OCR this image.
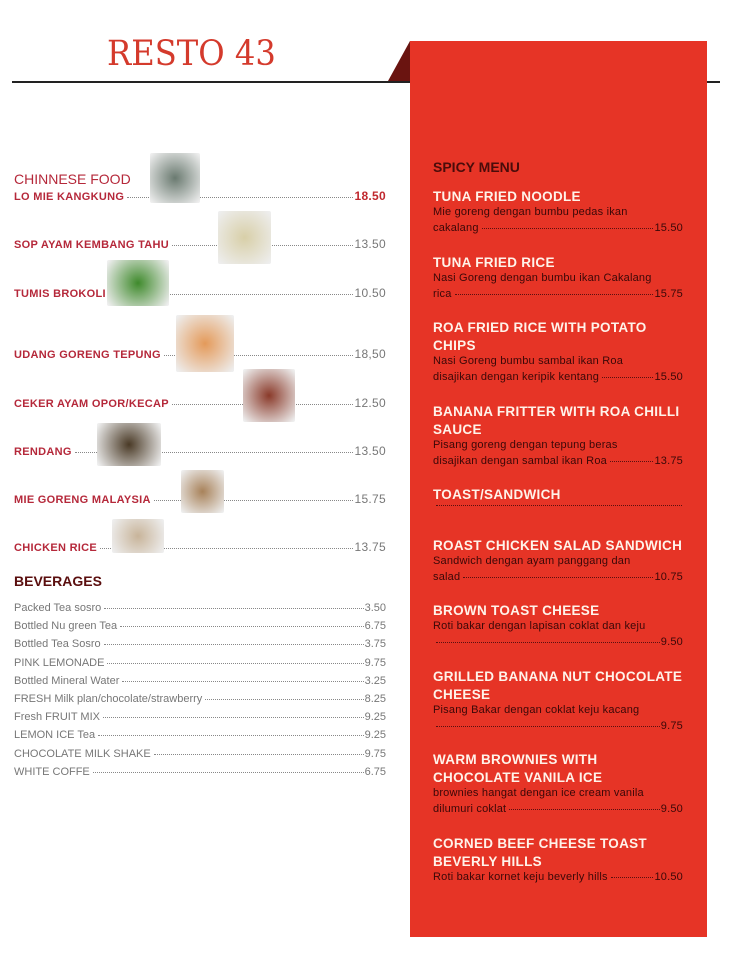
RESTO 43
CHINNESE FOOD
BEVERAGES
SPICY MENU
TOAST/SANDWICH
LO MIE KANGKUNG	18.50
SOP AYAM KEMBANG TAHU	13.50
TUMIS BROKOLI	10.50
UDANG GORENG TEPUNG	18,50
CEKER AYAM OPOR/KECAP	12.50
RENDANG	13.50
MIE GORENG MALAYSIA	15.75
CHICKEN RICE	13.75
Packed Tea sosro	3.50
Bottled Nu green Tea	6.75
Bottled Tea Sosro	3.75
PINK LEMONADE	9.75
Bottled Mineral Water	3.25
FRESH Milk plan/chocolate/strawberry	8.25
Fresh FRUIT MIX	9.25
LEMON ICE Tea	9.25
CHOCOLATE MILK SHAKE	9.75
WHITE COFFE	6.75
TUNA FRIED NOODLE
Mie goreng dengan bumbu pedas ikan
cakalang	15.50
TUNA FRIED RICE
Nasi Goreng dengan bumbu ikan Cakalang
rica	15.75
ROA FRIED RICE WITH POTATO CHIPS
Nasi Goreng bumbu sambal ikan Roa
disajikan dengan keripik kentang	15.50
BANANA FRITTER WITH ROA CHILLI SAUCE
Pisang goreng dengan tepung beras
disajikan dengan sambal ikan Roa	13.75
ROAST CHICKEN SALAD SANDWICH
Sandwich dengan ayam panggang dan
salad	10.75
BROWN TOAST CHEESE
Roti bakar dengan lapisan coklat dan keju
9.50
GRILLED BANANA NUT CHOCOLATE CHEESE
Pisang Bakar dengan coklat keju kacang
9.75
WARM BROWNIES WITH CHOCOLATE VANILA ICE
brownies hangat dengan ice cream vanila
dilumuri coklat	9.50
CORNED BEEF CHEESE TOAST BEVERLY HILLS
Roti bakar kornet keju beverly hills	10.50
